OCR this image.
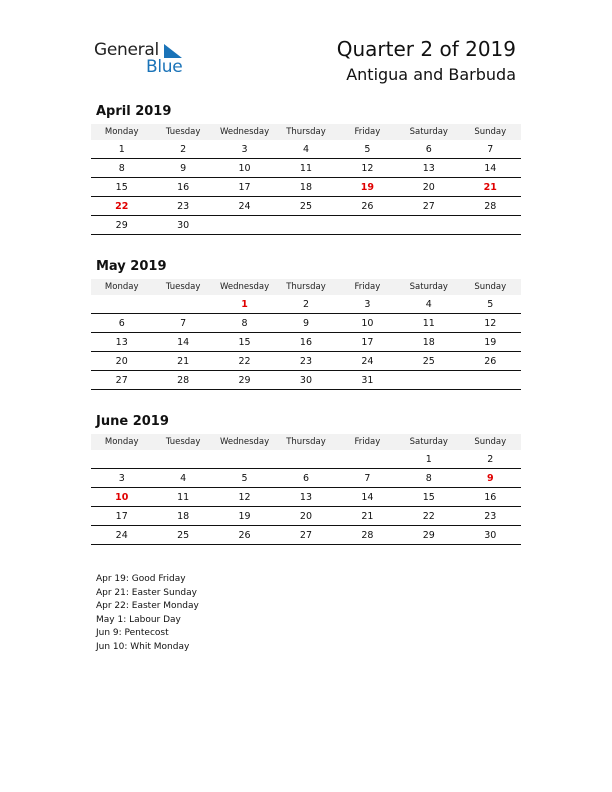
General
Blue
Quarter 2 of 2019
Antigua and Barbuda
April 2019
Monday	Tuesday	Wednesday	Thursday	Friday	Saturday	Sunday
1	2	3	4	5	6	7
8	9	10	11	12	13	14
15	16	17	18	19	20	21
22	23	24	25	26	27	28
29	30					
May 2019
Monday	Tuesday	Wednesday	Thursday	Friday	Saturday	Sunday
		1	2	3	4	5
6	7	8	9	10	11	12
13	14	15	16	17	18	19
20	21	22	23	24	25	26
27	28	29	30	31		
June 2019
Monday	Tuesday	Wednesday	Thursday	Friday	Saturday	Sunday
					1	2
3	4	5	6	7	8	9
10	11	12	13	14	15	16
17	18	19	20	21	22	23
24	25	26	27	28	29	30
Apr 19: Good Friday
Apr 21: Easter Sunday
Apr 22: Easter Monday
May 1: Labour Day
Jun 9: Pentecost
Jun 10: Whit Monday
